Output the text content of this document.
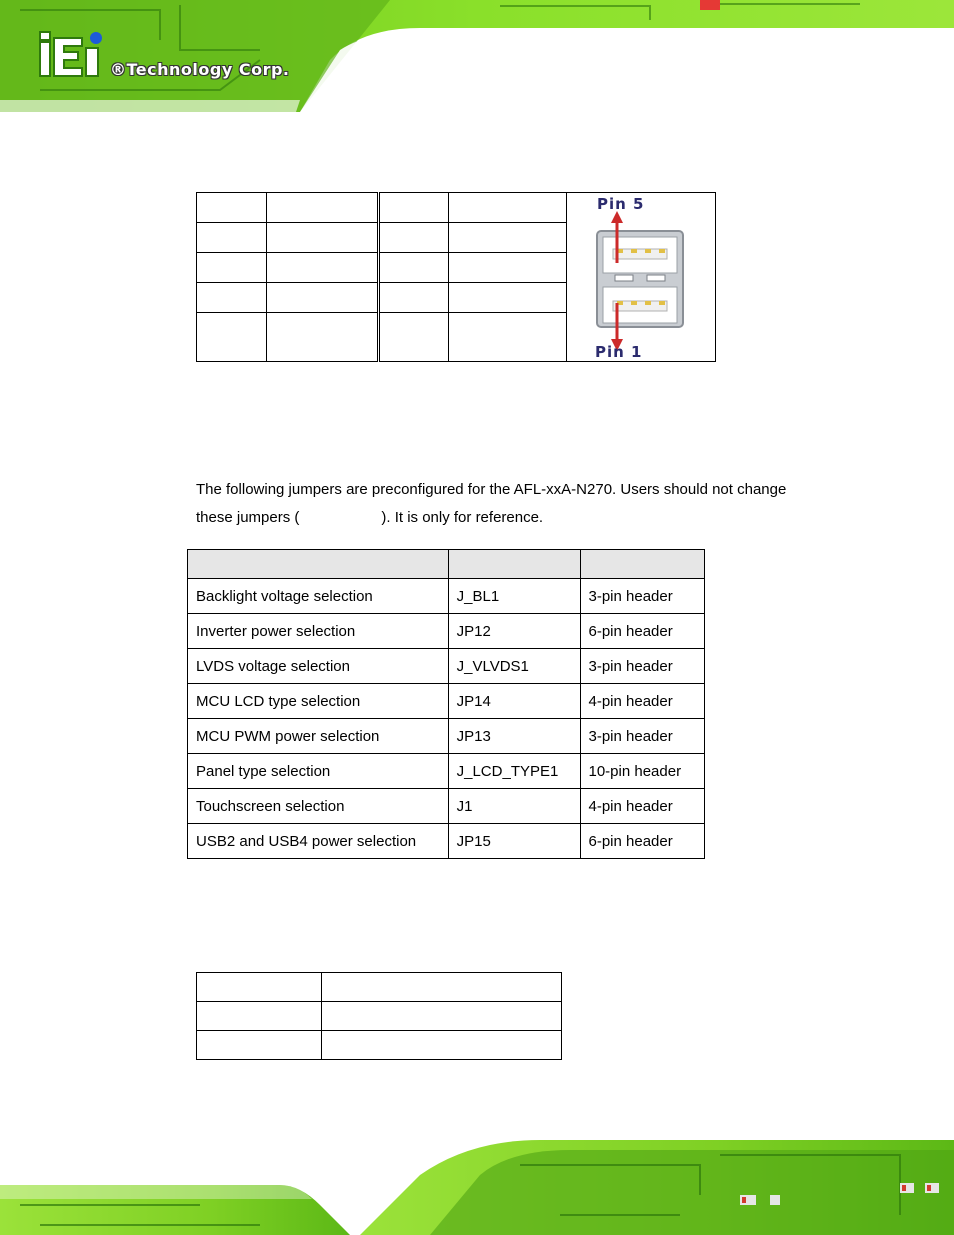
®Technology Corp.

				Pin 5
Pin 1

The following jumpers are preconfigured for the AFL-xxA-N270. Users should not change
these jumpers (	). It is only for reference.

Backlight voltage selection	J_BL1	3-pin header
Inverter power selection	JP12	6-pin header
LVDS voltage selection	J_VLVDS1	3-pin header
MCU LCD type selection	JP14	4-pin header
MCU PWM power selection	JP13	3-pin header
Panel type selection	J_LCD_TYPE1	10-pin header
Touchscreen selection	J1	4-pin header
USB2 and USB4 power selection	JP15	6-pin header
